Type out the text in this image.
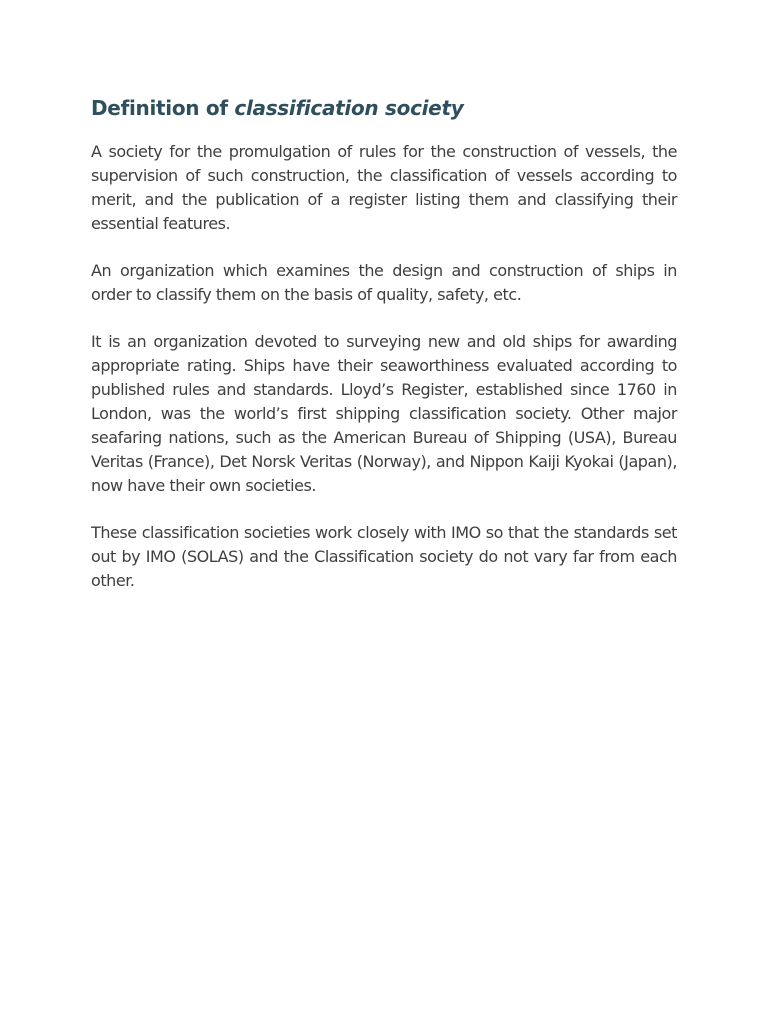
Definition of classification society

A society for the promulgation of rules for the construction of vessels, the supervision of such construction, the classification of vessels according to merit, and the publication of a register listing them and classifying their essential features.

An organization which examines the design and construction of ships in order to classify them on the basis of quality, safety, etc.

It is an organization devoted to surveying new and old ships for awarding appropriate rating. Ships have their seaworthiness evaluated according to published rules and standards. Lloyd’s Register, established since 1760 in London, was the world’s first shipping classification society. Other major seafaring nations, such as the American Bureau of Shipping (USA), Bureau Veritas (France), Det Norsk Veritas (Norway), and Nippon Kaiji Kyokai (Japan), now have their own societies.

These classification societies work closely with IMO so that the standards set out by IMO (SOLAS) and the Classification society do not vary far from each other.
